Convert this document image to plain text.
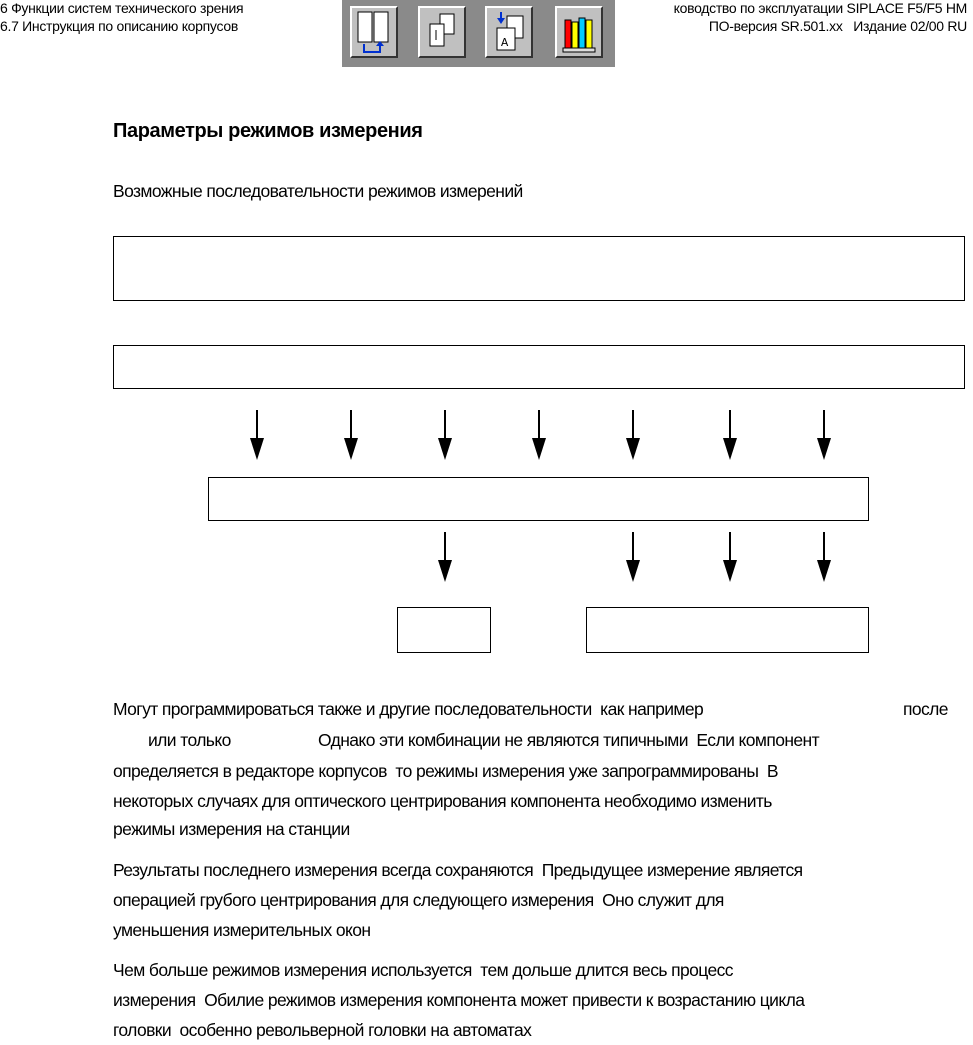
6 Функции систем технического зрения
6.7 Инструкция по описанию корпусов
ководство по эксплуатации SIPLACE F5/F5 HM
ПО-версия SR.501.xx   Издание 02/00 RU
A
Параметры режимов измерения
Возможные последовательности режимов измерений
Могут программироваться также и другие последовательности  как например	после
или только	Однако эти комбинации не являются типичными  Если компонент
определяется в редакторе корпусов  то режимы измерения уже запрограммированы  В
некоторых случаях для оптического центрирования компонента необходимо изменить
режимы измерения на станции
Результаты последнего измерения всегда сохраняются  Предыдущее измерение является
операцией грубого центрирования для следующего измерения  Оно служит для
уменьшения измерительных окон
Чем больше режимов измерения используется  тем дольше длится весь процесс
измерения  Обилие режимов измерения компонента может привести к возрастанию цикла
головки  особенно револьверной головки на автоматах
